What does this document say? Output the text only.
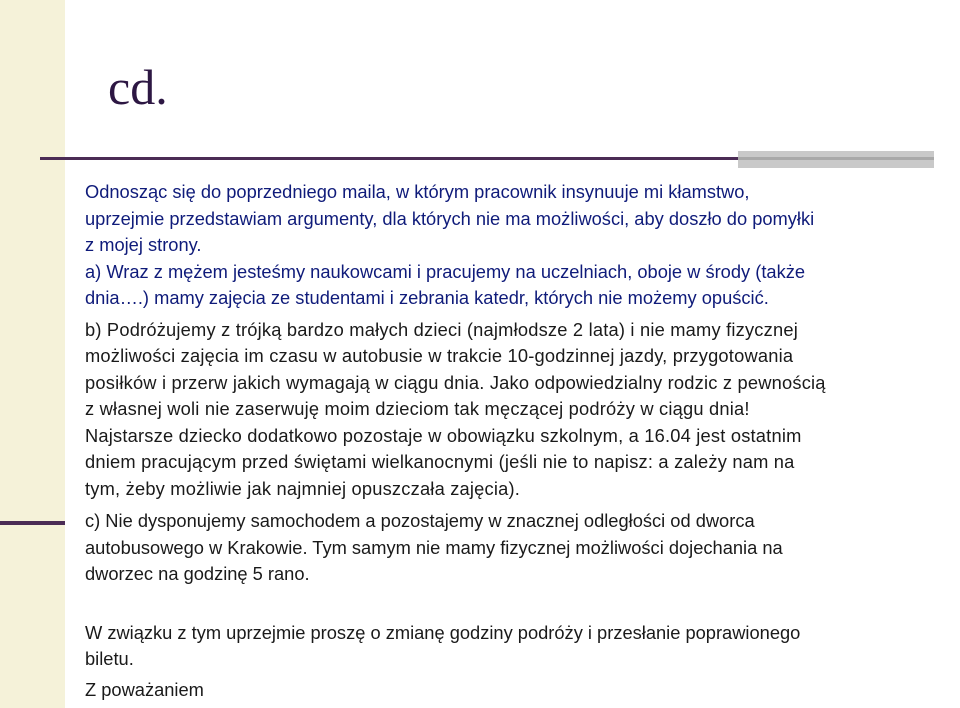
cd.
Odnosząc się do poprzedniego maila, w którym pracownik insynuuje mi kłamstwo,
uprzejmie przedstawiam argumenty, dla których nie ma możliwości, aby doszło do pomyłki
z mojej strony.
a) Wraz z mężem jesteśmy naukowcami i pracujemy na uczelniach, oboje w środy (także
dnia….) mamy zajęcia ze studentami i zebrania katedr, których nie możemy opuścić.
b) Podróżujemy z trójką bardzo małych dzieci (najmłodsze 2 lata) i nie mamy fizycznej
możliwości zajęcia im czasu w autobusie w trakcie 10-godzinnej jazdy, przygotowania
posiłków i przerw jakich wymagają w ciągu dnia. Jako odpowiedzialny rodzic z pewnością
z własnej woli nie zaserwuję moim dzieciom tak męczącej podróży w ciągu dnia!
Najstarsze dziecko dodatkowo pozostaje w obowiązku szkolnym, a 16.04 jest ostatnim
dniem pracującym przed świętami wielkanocnymi (jeśli nie to napisz: a zależy nam na
tym, żeby możliwie jak najmniej opuszczała zajęcia).
c) Nie dysponujemy samochodem a pozostajemy w znacznej odległości od dworca
autobusowego w Krakowie. Tym samym nie mamy fizycznej możliwości dojechania na
dworzec na godzinę 5 rano.
W związku z tym uprzejmie proszę o zmianę godziny podróży i przesłanie poprawionego
biletu.
Z poważaniem
